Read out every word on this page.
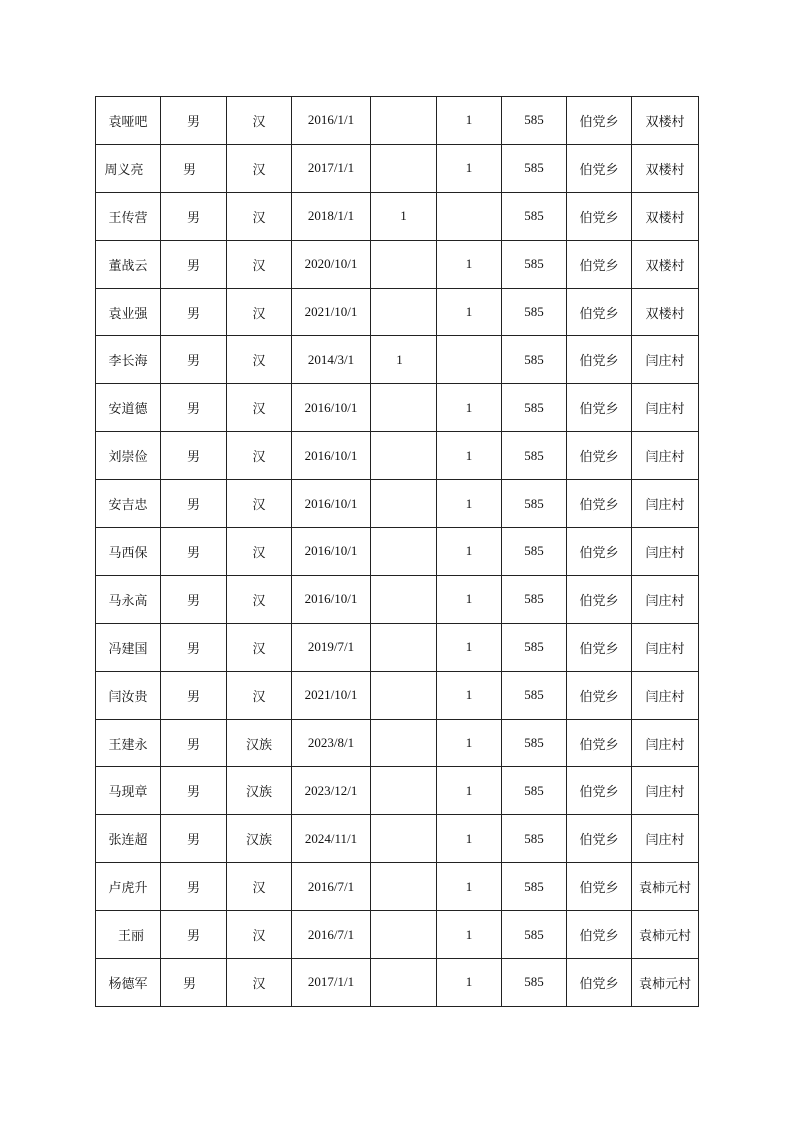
袁哑吧	男	汉	2016/1/1		1	585	伯党乡	双楼村
周义亮	男	汉	2017/1/1		1	585	伯党乡	双楼村
王传营	男	汉	2018/1/1	1		585	伯党乡	双楼村
董战云	男	汉	2020/10/1		1	585	伯党乡	双楼村
袁业强	男	汉	2021/10/1		1	585	伯党乡	双楼村
李长海	男	汉	2014/3/1	1		585	伯党乡	闫庄村
安道德	男	汉	2016/10/1		1	585	伯党乡	闫庄村
刘崇俭	男	汉	2016/10/1		1	585	伯党乡	闫庄村
安吉忠	男	汉	2016/10/1		1	585	伯党乡	闫庄村
马西保	男	汉	2016/10/1		1	585	伯党乡	闫庄村
马永高	男	汉	2016/10/1		1	585	伯党乡	闫庄村
冯建国	男	汉	2019/7/1		1	585	伯党乡	闫庄村
闫汝贵	男	汉	2021/10/1		1	585	伯党乡	闫庄村
王建永	男	汉族	2023/8/1		1	585	伯党乡	闫庄村
马现章	男	汉族	2023/12/1		1	585	伯党乡	闫庄村
张连超	男	汉族	2024/11/1		1	585	伯党乡	闫庄村
卢虎升	男	汉	2016/7/1		1	585	伯党乡	袁柿元村
王丽	男	汉	2016/7/1		1	585	伯党乡	袁柿元村
杨德军	男	汉	2017/1/1		1	585	伯党乡	袁柿元村
